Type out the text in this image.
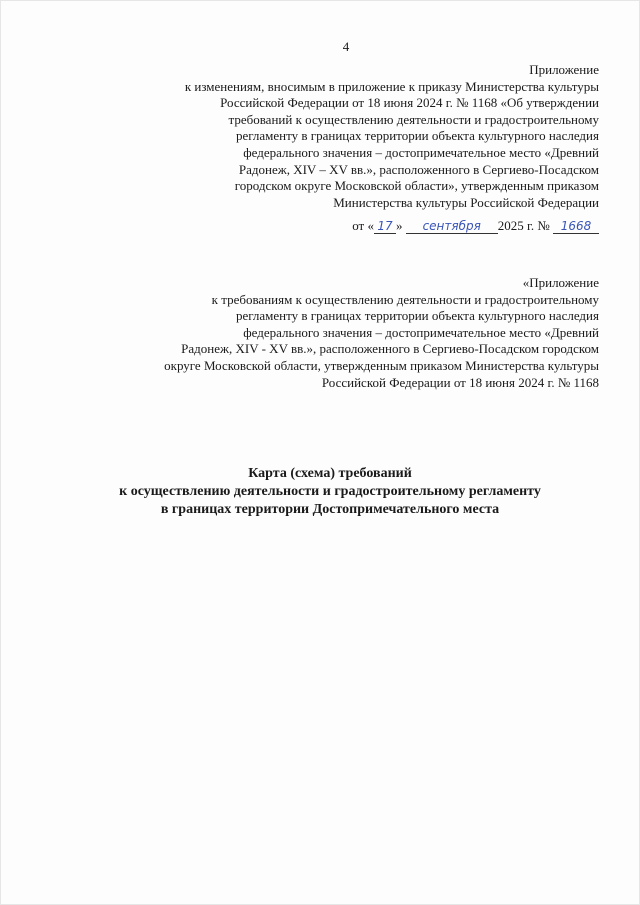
4
Приложение
к изменениям, вносимым в приложение к приказу Министерства культуры
Российской Федерации от 18 июня 2024 г. № 1168 «Об утверждении
требований к осуществлению деятельности и градостроительному
регламенту в границах территории объекта культурного наследия
федерального значения – достопримечательное место «Древний
Радонеж, XIV – XV вв.», расположенного в Сергиево-Посадском
городском округе Московской области», утвержденным приказом
Министерства культуры Российской Федерации
от « 17 » сентября 2025 г. № 1668
«Приложение
к требованиям к осуществлению деятельности и градостроительному
регламенту в границах территории объекта культурного наследия
федерального значения – достопримечательное место «Древний
Радонеж, XIV - XV вв.», расположенного в Сергиево-Посадском городском
округе Московской области, утвержденным приказом Министерства культуры
Российской Федерации от 18 июня 2024 г. № 1168
Карта (схема) требований
к осуществлению деятельности и градостроительному регламенту
в границах территории Достопримечательного места
